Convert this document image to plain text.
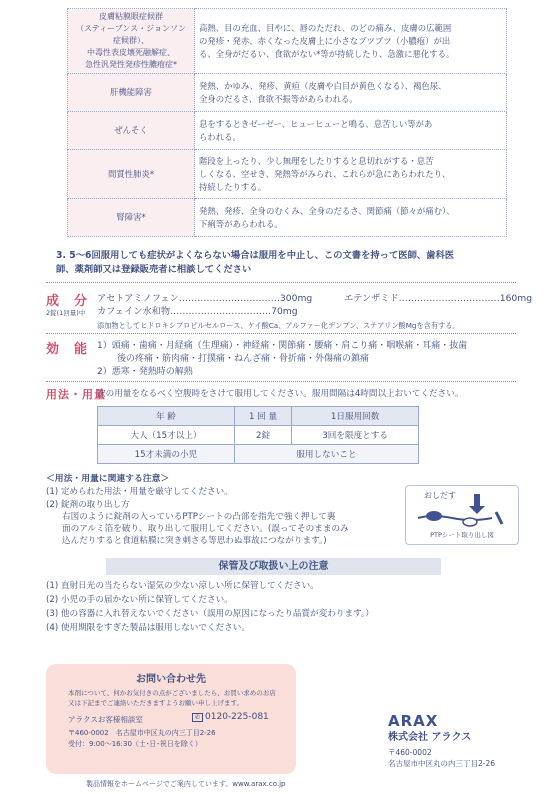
皮膚粘膜眼症候群
（スティーブンス・ジョンソン症候群）、
中毒性表皮壊死融解症、
急性汎発性発疹性膿疱症*	高熱、目の充血、目やに、唇のただれ、のどの痛み、皮膚の広範囲
の発疹・発赤、赤くなった皮膚上に小さなブツブツ（小膿疱）が出
る、全身がだるい、食欲がない*等が持続したり、急激に悪化する。
肝機能障害	発熱、かゆみ、発疹、黄疸（皮膚や白目が黄色くなる）、褐色尿、
全身のだるさ、食欲不振等があらわれる。
ぜんそく	息をするときゼーゼー、ヒューヒューと鳴る、息苦しい等があ
らわれる。
間質性肺炎*	階段を上ったり、少し無理をしたりすると息切れがする・息苦
しくなる、空せき、発熱等がみられ、これらが急にあらわれたり、
持続したりする。
腎障害*	発熱、発疹、全身のむくみ、全身のだるさ、関節痛（節々が痛む）、
下痢等があらわれる。
3. 5～6回服用しても症状がよくならない場合は服用を中止し、この文書を持って医師、歯科医
師、薬剤師又は登録販売者に相談してください
成　分
2錠(1回量)中
アセトアミノフェン……………………………300mg	エテンザミド……………………………160mg
カフェイン水和物……………………………70mg
添加物としてヒドロキシプロピルセルロース、ケイ酸Ca、アルファー化デンプン、ステアリン酸Mgを含有する。
効　能 1）頭痛・歯痛・月経痛（生理痛）・神経痛・関節痛・腰痛・肩こり痛・咽喉痛・耳痛・抜歯
後の疼痛・筋肉痛・打撲痛・ねんざ痛・骨折痛・外傷痛の鎮痛
2）悪寒・発熱時の解熱
用法・用量
次の用量をなるべく空腹時をさけて服用してください。服用間隔は4時間以上おいてください。
年 齢	1 回 量	1日服用回数
大人（15才以上）	2錠	3回を限度とする
15才未満の小児	服用しないこと	
＜用法・用量に関連する注意＞
(1) 定められた用法・用量を厳守してください。
(2) 錠剤の取り出し方
右図のように錠剤の入っているPTPシートの凸部を指先で強く押して裏
面のアルミ箔を破り、取り出して服用してください。(誤ってそのままのみ
込んだりすると食道粘膜に突き刺さる等思わぬ事故につながります。)
おしだす
PTPシート取り出し図
保管及び取扱い上の注意
(1) 直射日光の当たらない湿気の少ない涼しい所に保管してください。
(2) 小児の手の届かない所に保管してください。
(3) 他の容器に入れ替えないでください（誤用の原因になったり品質が変わります。）
(4) 使用期限をすぎた製品は服用しないでください。
お問い合わせ先
本剤について、何かお気付きの点がございましたら、お買い求めのお店
又は下記までご連絡いただきますようお願い申し上げます。
アラクスお客様相談室	✆ 0120-225-081
〒460-0002　名古屋市中区丸の内三丁目2-26
受付：9:00～16:30（土･日･祝日を除く）
製品情報をホームページでご案内しています。www.arax.co.jp
ARAX
株式会社 アラクス
〒460-0002
名古屋市中区丸の内三丁目2-26
